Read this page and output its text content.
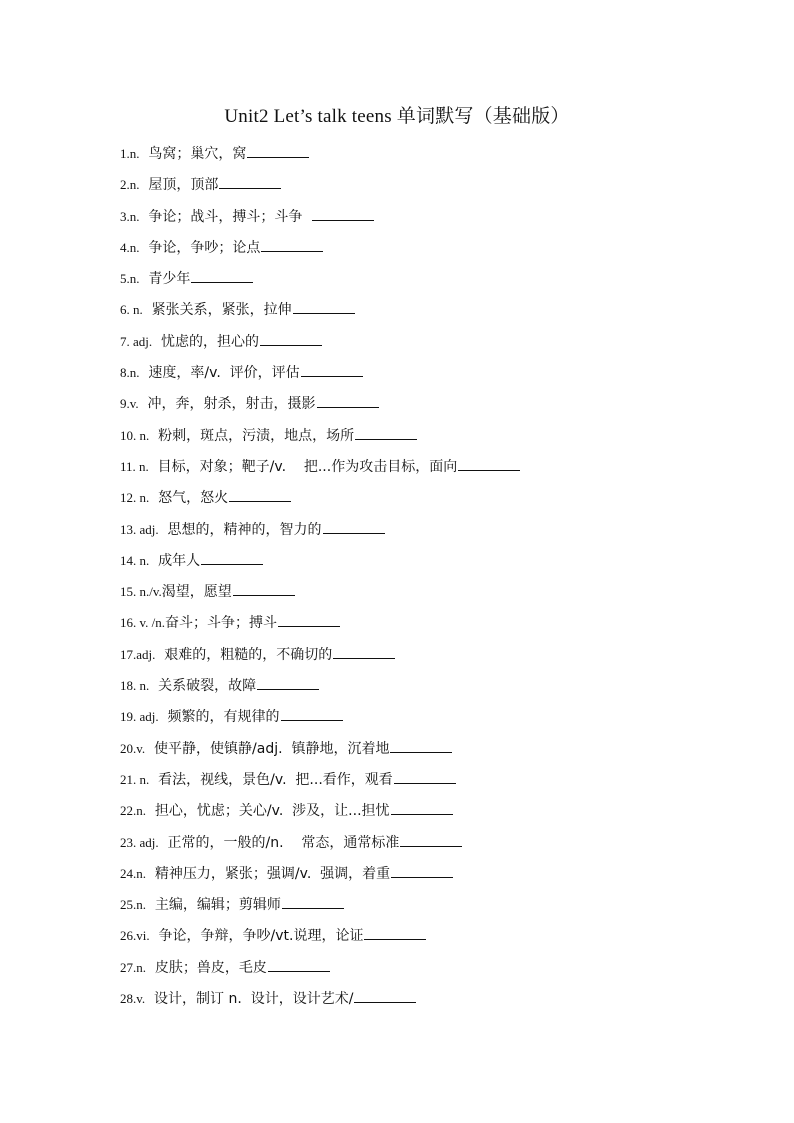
Unit2 Let’s talk teens 单词默写（基础版）
1.n.  鸟窝；巢穴，窝
2.n.  屋顶，顶部
3.n.  争论；战斗，搏斗；斗争
4.n.  争论，争吵；论点
5.n.  青少年
6. n.  紧张关系，紧张，拉伸
7. adj.  忧虑的，担心的
8.n.  速度，率/v.  评价，评估
9.v.  冲，奔，射杀，射击，摄影
10. n.  粉刺，斑点，污渍，地点，场所
11. n.  目标，对象；靶子/v.    把...作为攻击目标，面向
12. n.  怒气，怒火
13. adj.  思想的，精神的，智力的
14. n.  成年人
15. n./v.渴望，愿望
16. v. /n.奋斗；斗争；搏斗
17.adj.  艰难的，粗糙的，不确切的
18. n.  关系破裂，故障
19. adj.  频繁的，有规律的
20.v.  使平静，使镇静/adj.  镇静地，沉着地
21. n.  看法，视线，景色/v.  把...看作，观看
22.n.  担心，忧虑；关心/v.  涉及，让...担忧
23. adj.  正常的，一般的/n.    常态，通常标准
24.n.  精神压力，紧张；强调/v.  强调，着重
25.n.  主编，编辑；剪辑师
26.vi.  争论，争辩，争吵/vt.说理，论证
27.n.  皮肤；兽皮，毛皮
28.v.  设计，制订 n.  设计，设计艺术/
